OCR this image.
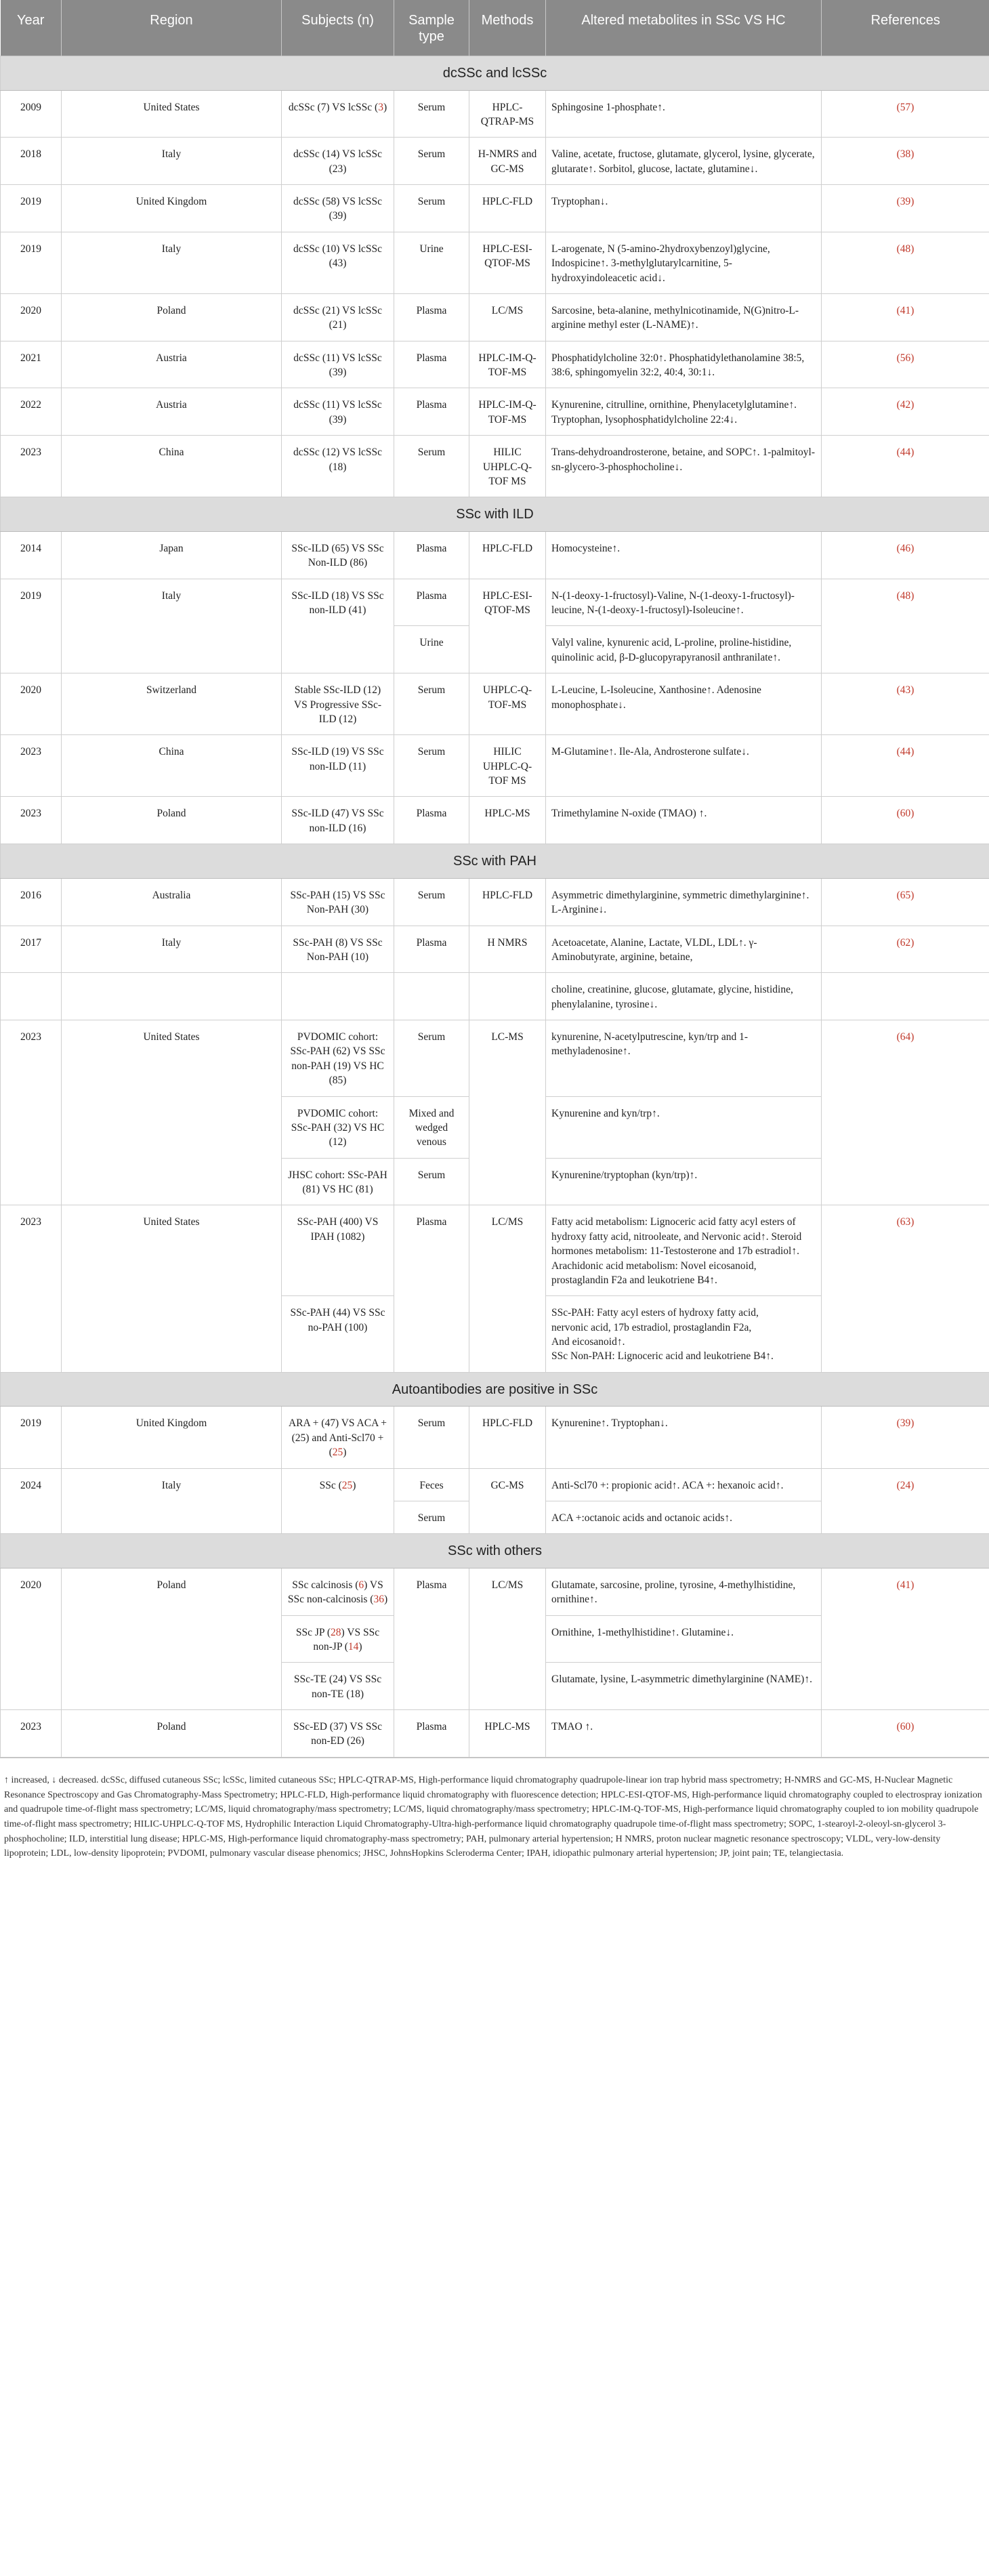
Year	Region	Subjects (n)	Sample type	Methods	Altered metabolites in SSc VS HC	References
dcSSc and lcSSc						
2009	United States	dcSSc (7) VS lcSSc (3)	Serum	HPLC-QTRAP-MS	Sphingosine 1-phosphate↑.	(57)
2018	Italy	dcSSc (14) VS lcSSc (23)	Serum	H-NMRS and GC-MS	Valine, acetate, fructose, glutamate, glycerol, lysine, glycerate, glutarate↑. Sorbitol, glucose, lactate, glutamine↓.	(38)
2019	United Kingdom	dcSSc (58) VS lcSSc (39)	Serum	HPLC-FLD	Tryptophan↓.	(39)
2019	Italy	dcSSc (10) VS lcSSc (43)	Urine	HPLC-ESI-QTOF-MS	L-arogenate, N (5-amino-2hydroxybenzoyl)glycine, Indospicine↑. 3-methylglutarylcarnitine, 5-hydroxyindoleacetic acid↓.	(48)
2020	Poland	dcSSc (21) VS lcSSc (21)	Plasma	LC/MS	Sarcosine, beta-alanine, methylnicotinamide, N(G)nitro-L-arginine methyl ester (L-NAME)↑.	(41)
2021	Austria	dcSSc (11) VS lcSSc (39)	Plasma	HPLC-IM-Q-TOF-MS	Phosphatidylcholine 32:0↑. Phosphatidylethanolamine 38:5, 38:6, sphingomyelin 32:2, 40:4, 30:1↓.	(56)
2022	Austria	dcSSc (11) VS lcSSc (39)	Plasma	HPLC-IM-Q-TOF-MS	Kynurenine, citrulline, ornithine, Phenylacetylglutamine↑. Tryptophan, lysophosphatidylcholine 22:4↓.	(42)
2023	China	dcSSc (12) VS lcSSc (18)	Serum	HILIC UHPLC-Q-TOF MS	Trans-dehydroandrosterone, betaine, and SOPC↑. 1-palmitoyl-sn-glycero-3-phosphocholine↓.	(44)
SSc with ILD						
2014	Japan	SSc-ILD (65) VS SSc Non-ILD (86)	Plasma	HPLC-FLD	Homocysteine↑.	(46)
2019	Italy	SSc-ILD (18) VS SSc non-ILD (41)	Plasma	HPLC-ESI-QTOF-MS	N-(1-deoxy-1-fructosyl)-Valine, N-(1-deoxy-1-fructosyl)-leucine, N-(1-deoxy-1-fructosyl)-Isoleucine↑.	(48)
			Urine		Valyl valine, kynurenic acid, L-proline, proline-histidine, quinolinic acid, β-D-glucopyrapyranosil anthranilate↑.	
2020	Switzerland	Stable SSc-ILD (12) VS Progressive SSc-ILD (12)	Serum	UHPLC-Q-TOF-MS	L-Leucine, L-Isoleucine, Xanthosine↑. Adenosine monophosphate↓.	(43)
2023	China	SSc-ILD (19) VS SSc non-ILD (11)	Serum	HILIC UHPLC-Q-TOF MS	M-Glutamine↑. Ile-Ala, Androsterone sulfate↓.	(44)
2023	Poland	SSc-ILD (47) VS SSc non-ILD (16)	Plasma	HPLC-MS	Trimethylamine N-oxide (TMAO) ↑.	(60)
SSc with PAH						
2016	Australia	SSc-PAH (15) VS SSc Non-PAH (30)	Serum	HPLC-FLD	Asymmetric dimethylarginine, symmetric dimethylarginine↑. L-Arginine↓.	(65)
2017	Italy	SSc-PAH (8) VS SSc Non-PAH (10)	Plasma	H NMRS	Acetoacetate, Alanine, Lactate, VLDL, LDL↑. γ-Aminobutyrate, arginine, betaine,	(62)
					choline, creatinine, glucose, glutamate, glycine, histidine, phenylalanine, tyrosine↓.	
2023	United States	PVDOMIC cohort: SSc-PAH (62) VS SSc non-PAH (19) VS HC (85)	Serum	LC-MS	kynurenine, N-acetylputrescine, kyn/trp and 1-methyladenosine↑.	(64)
		PVDOMIC cohort: SSc-PAH (32) VS HC (12)	Mixed and wedged venous		Kynurenine and kyn/trp↑.	
		JHSC cohort: SSc-PAH (81) VS HC (81)	Serum		Kynurenine/tryptophan (kyn/trp)↑.	
2023	United States	SSc-PAH (400) VS IPAH (1082)	Plasma	LC/MS	Fatty acid metabolism: Lignoceric acid fatty acyl esters of hydroxy fatty acid, nitrooleate, and Nervonic acid↑. Steroid hormones metabolism: 11-Testosterone and 17b estradiol↑. Arachidonic acid metabolism: Novel eicosanoid, prostaglandin F2a and leukotriene B4↑.	(63)
		SSc-PAH (44) VS SSc no-PAH (100)			SSc-PAH: Fatty acyl esters of hydroxy fatty acid,
nervonic acid, 17b estradiol, prostaglandin F2a,
And eicosanoid↑.
SSc Non-PAH: Lignoceric acid and leukotriene B4↑.	

Autoantibodies are positive in SSc						
2019	United Kingdom	ARA + (47) VS ACA + (25) and Anti-Scl70 + (25)	Serum	HPLC-FLD	Kynurenine↑. Tryptophan↓.	(39)
2024	Italy	SSc (25)	Feces	GC-MS	Anti-Scl70 +: propionic acid↑. ACA +: hexanoic acid↑.	(24)
			Serum		ACA +:octanoic acids and octanoic acids↑.	
SSc with others						
2020	Poland	SSc calcinosis (6) VS SSc non-calcinosis (36)	Plasma	LC/MS	Glutamate, sarcosine, proline, tyrosine, 4-methylhistidine, ornithine↑.	(41)
		SSc JP (28) VS SSc non-JP (14)			Ornithine, 1-methylhistidine↑. Glutamine↓.	
		SSc-TE (24) VS SSc non-TE (18)			Glutamate, lysine, L-asymmetric dimethylarginine (NAME)↑.	
2023	Poland	SSc-ED (37) VS SSc non-ED (26)	Plasma	HPLC-MS	TMAO ↑.	(60)
↑ increased, ↓ decreased. dcSSc, diffused cutaneous SSc; lcSSc, limited cutaneous SSc; HPLC-QTRAP-MS, High-performance liquid chromatography quadrupole-linear ion trap hybrid mass spectrometry; H-NMRS and GC-MS, H-Nuclear Magnetic Resonance Spectroscopy and Gas Chromatography-Mass Spectrometry; HPLC-FLD, High-performance liquid chromatography with fluorescence detection; HPLC-ESI-QTOF-MS, High-performance liquid chromatography coupled to electrospray ionization and quadrupole time-of-flight mass spectrometry; LC/MS, liquid chromatography/mass spectrometry; LC/MS, liquid chromatography/mass spectrometry; HPLC-IM-Q-TOF-MS, High-performance liquid chromatography coupled to ion mobility quadrupole time-of-flight mass spectrometry; HILIC-UHPLC-Q-TOF MS, Hydrophilic Interaction Liquid Chromatography-Ultra-high-performance liquid chromatography quadrupole time-of-flight mass spectrometry; SOPC, 1-stearoyl-2-oleoyl-sn-glycerol 3-phosphocholine; ILD, interstitial lung disease; HPLC-MS, High-performance liquid chromatography-mass spectrometry; PAH, pulmonary arterial hypertension; H NMRS, proton nuclear magnetic resonance spectroscopy; VLDL, very-low-density lipoprotein; LDL, low-density lipoprotein; PVDOMI, pulmonary vascular disease phenomics; JHSC, JohnsHopkins Scleroderma Center; IPAH, idiopathic pulmonary arterial hypertension; JP, joint pain; TE, telangiectasia.
